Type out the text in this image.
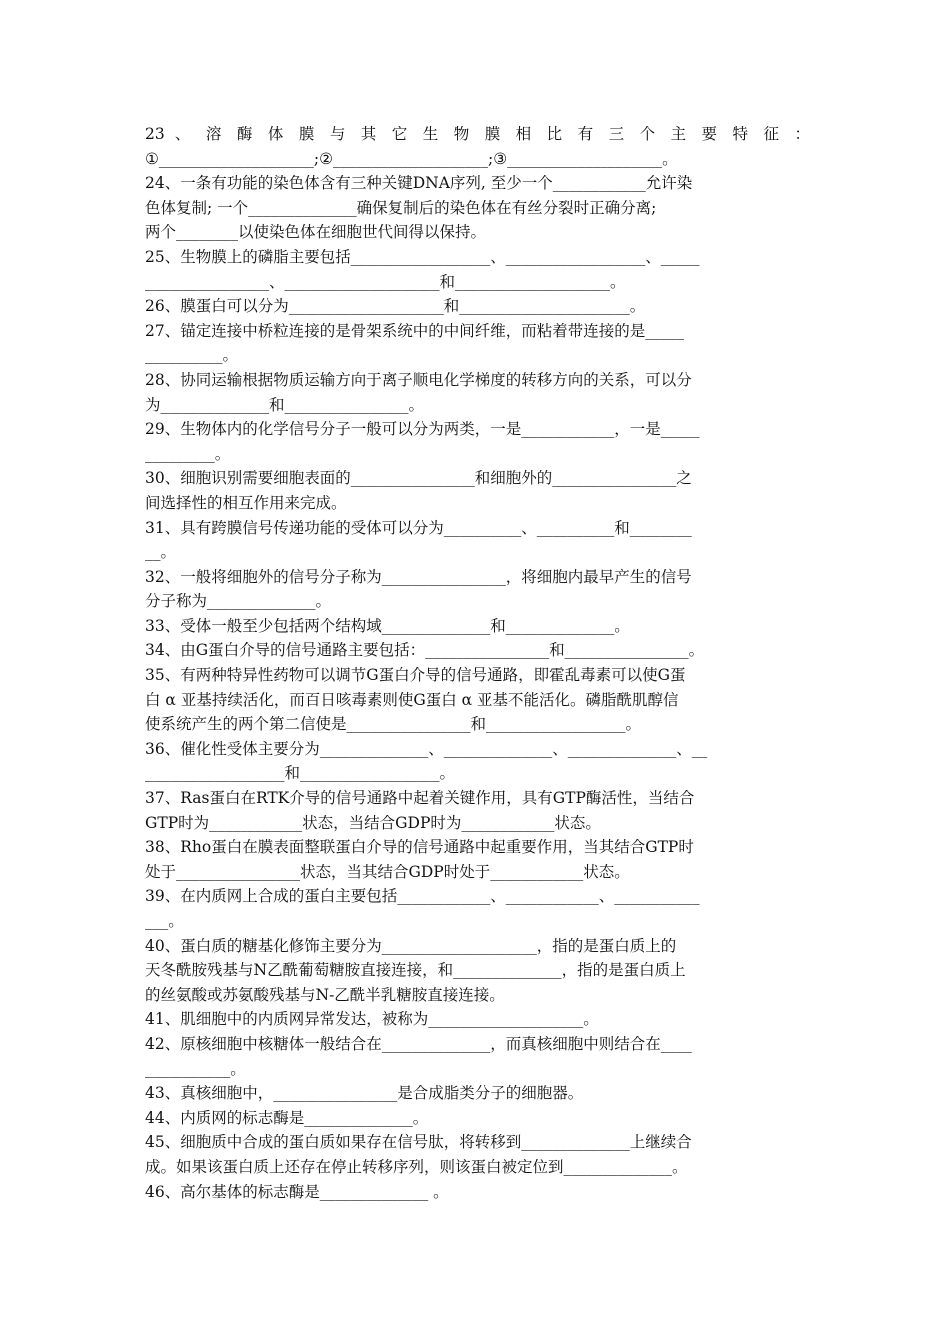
23 、 溶 酶 体 膜 与 其 它 生 物 膜 相 比 有 三 个 主 要 特 征 ：
①____________________;②____________________;③____________________。
24、一条有功能的染色体含有三种关键DNA序列, 至少一个____________允许染
色体复制; 一个______________确保复制后的染色体在有丝分裂时正确分离;
两个________以使染色体在细胞世代间得以保持。
25、生物膜上的磷脂主要包括__________________、__________________、_____
________________、____________________和____________________。
26、膜蛋白可以分为____________________和______________________。
27、锚定连接中桥粒连接的是骨架系统中的中间纤维，而粘着带连接的是_____
__________。
28、协同运输根据物质运输方向于离子顺电化学梯度的转移方向的关系，可以分
为______________和________________。
29、生物体内的化学信号分子一般可以分为两类，一是____________，一是_____
_________。
30、细胞识别需要细胞表面的________________和细胞外的________________之
间选择性的相互作用来完成。
31、具有跨膜信号传递功能的受体可以分为__________、__________和________
__。
32、一般将细胞外的信号分子称为________________，将细胞内最早产生的信号
分子称为______________。
33、受体一般至少包括两个结构域______________和______________。
34、由G蛋白介导的信号通路主要包括：________________和________________。
35、有两种特异性药物可以调节G蛋白介导的信号通路，即霍乱毒素可以使G蛋
白 α 亚基持续活化，而百日咳毒素则使G蛋白 α 亚基不能活化。磷脂酰肌醇信
使系统产生的两个第二信使是________________和__________________。
36、催化性受体主要分为______________、______________、______________、__
__________________和__________________。
37、Ras蛋白在RTK介导的信号通路中起着关键作用，具有GTP酶活性，当结合
GTP时为____________状态，当结合GDP时为____________状态。
38、Rho蛋白在膜表面整联蛋白介导的信号通路中起重要作用，当其结合GTP时
处于________________状态，当其结合GDP时处于____________状态。
39、在内质网上合成的蛋白主要包括____________、____________、___________
___。
40、蛋白质的糖基化修饰主要分为____________________，指的是蛋白质上的
天冬酰胺残基与N乙酰葡萄糖胺直接连接，和______________，指的是蛋白质上
的丝氨酸或苏氨酸残基与N-乙酰半乳糖胺直接连接。
41、肌细胞中的内质网异常发达，被称为____________________。
42、原核细胞中核糖体一般结合在______________，而真核细胞中则结合在____
___________。
43、真核细胞中，________________是合成脂类分子的细胞器。
44、内质网的标志酶是______________。
45、细胞质中合成的蛋白质如果存在信号肽，将转移到______________上继续合
成。如果该蛋白质上还存在停止转移序列，则该蛋白被定位到______________。
46、高尔基体的标志酶是______________ 。
